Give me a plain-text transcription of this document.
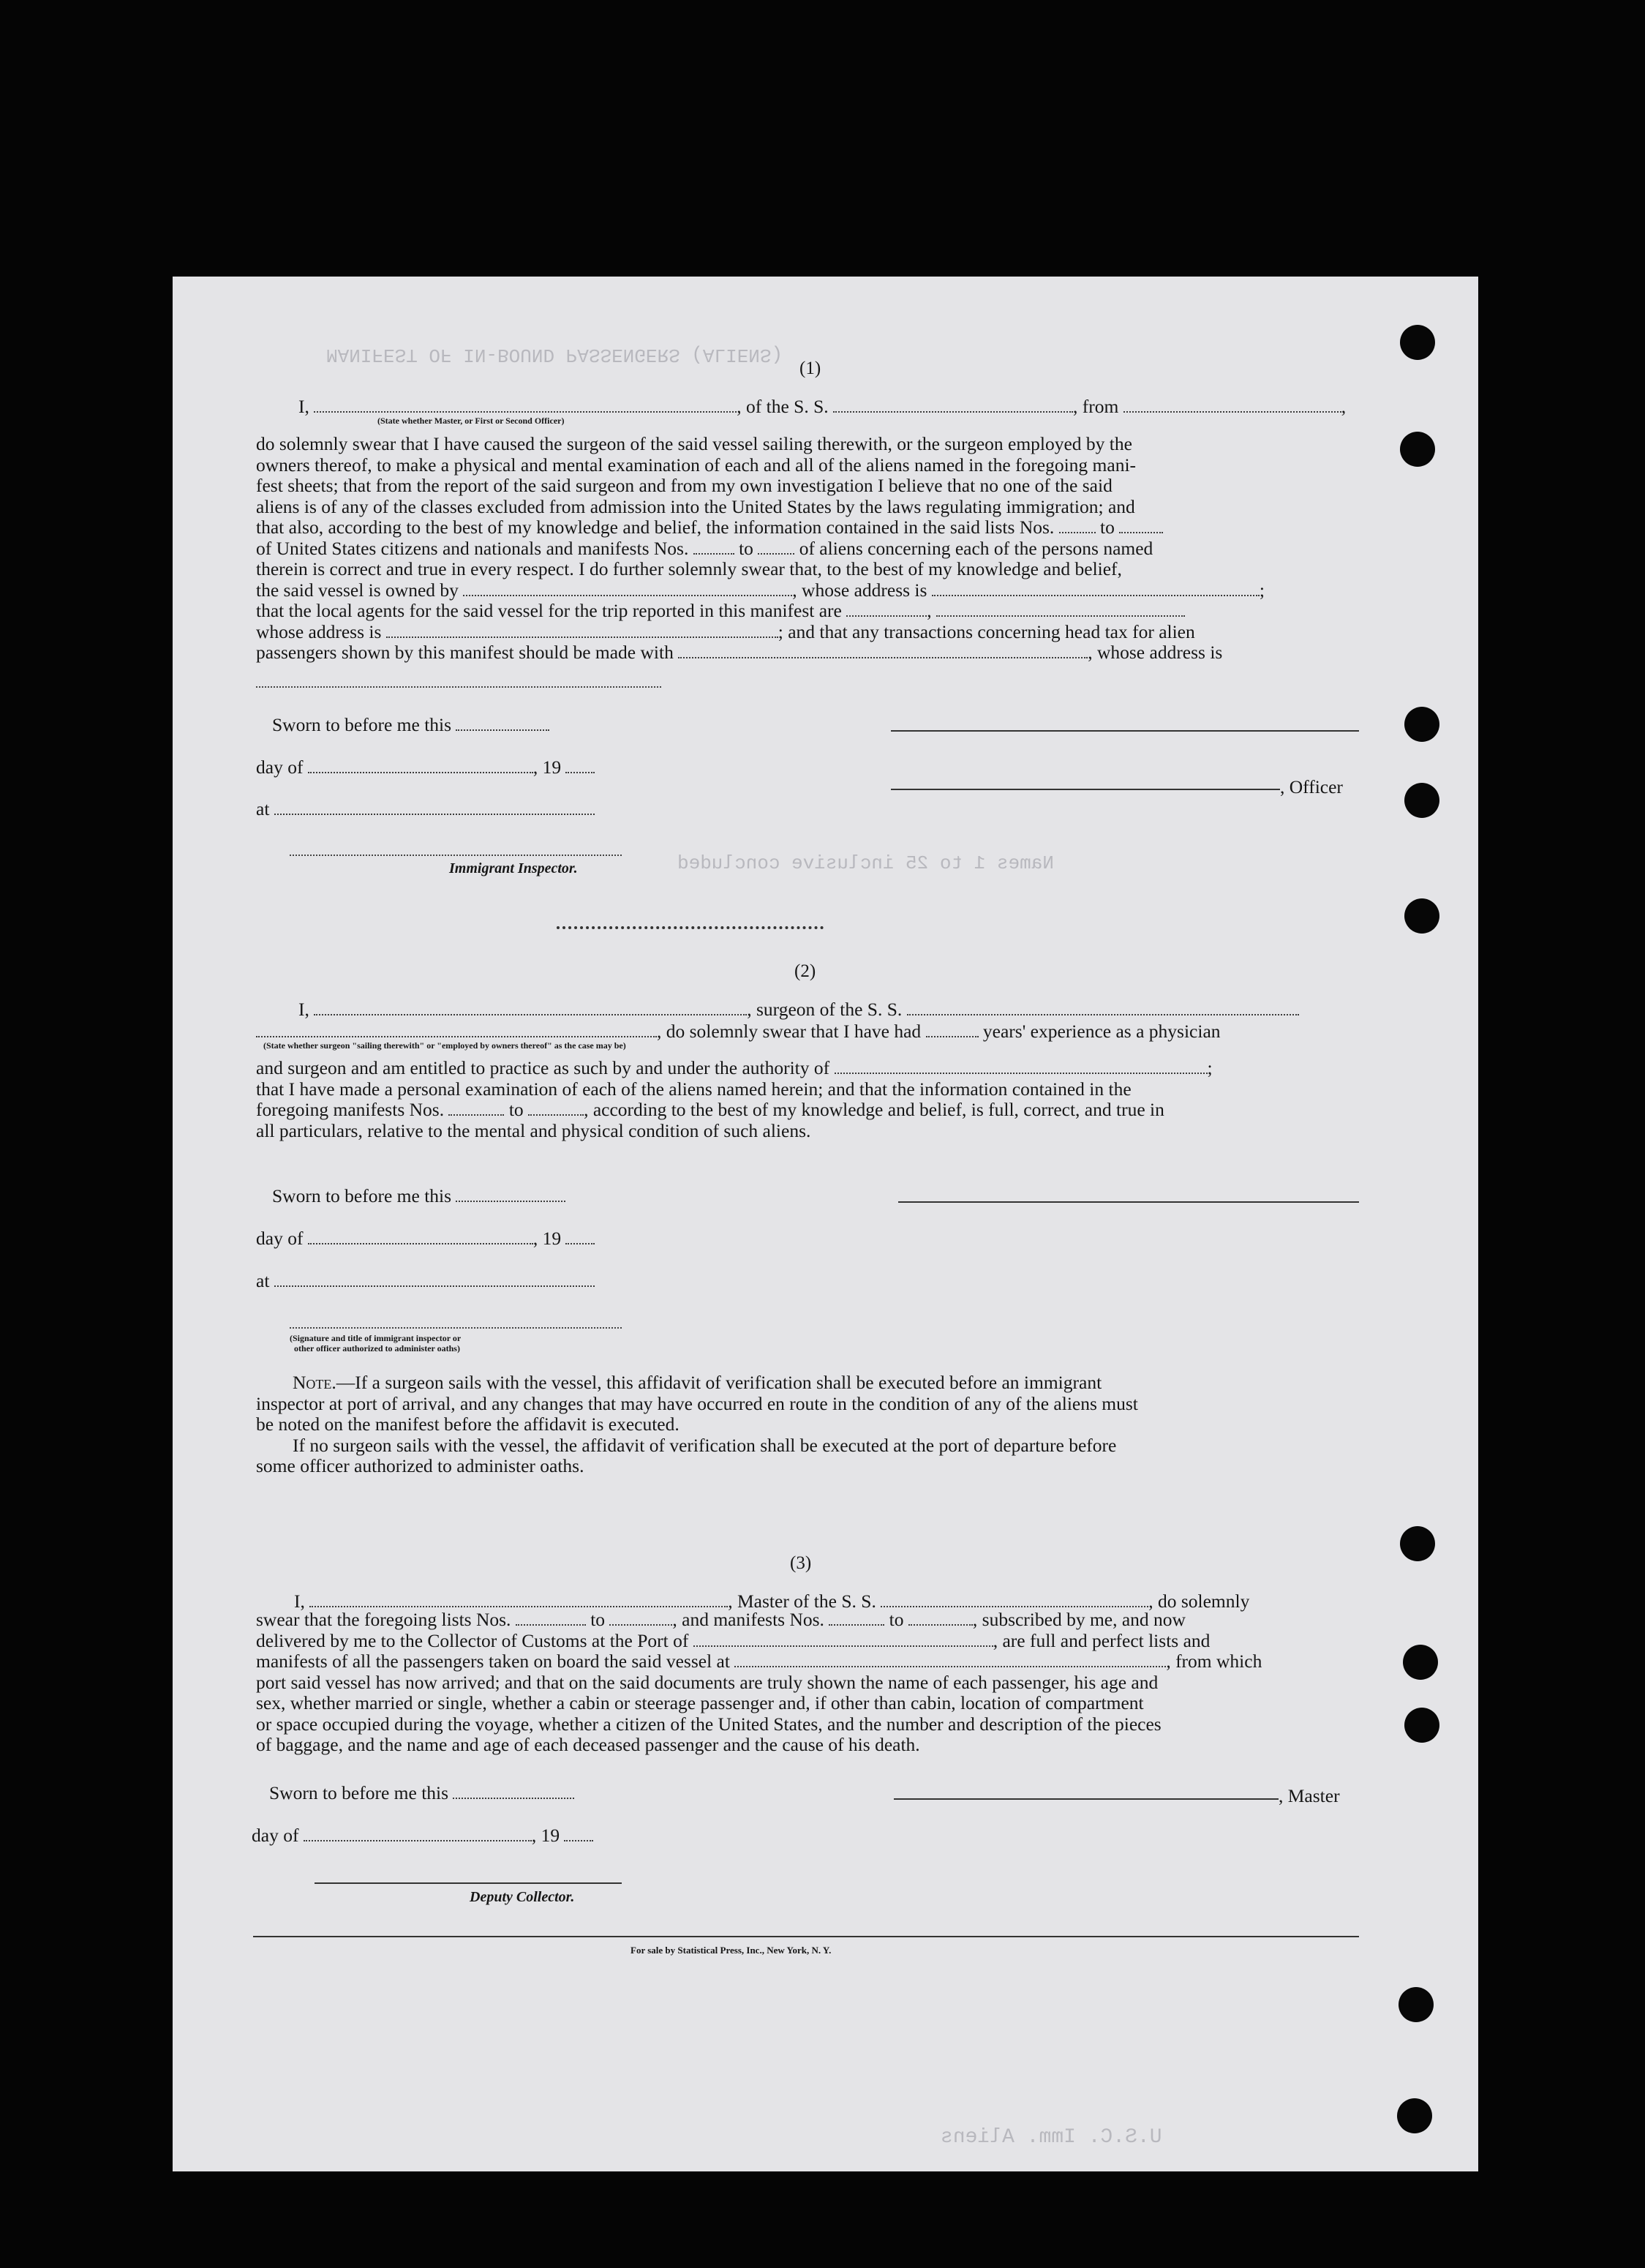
MANIFEST OF IN-BOUND PASSENGERS (ALIENS)
Names 1 to 25 inclusive concluded
U.S.C. Imm. Aliens
(1)
I,	, of the S. S.	, from	,
(State whether Master, or First or Second Officer)
do solemnly swear that I have caused the surgeon of the said vessel sailing therewith, or the surgeon employed by the
owners thereof, to make a physical and mental examination of each and all of the aliens named in the foregoing mani-
fest sheets; that from the report of the said surgeon and from my own investigation I believe that no one of the said
aliens is of any of the classes excluded from admission into the United States by the laws regulating immigration; and
that also, according to the best of my knowledge and belief, the information contained in the said lists Nos. to
of United States citizens and nationals and manifests Nos.	to of aliens concerning each of the persons named
therein is correct and true in every respect. I do further solemnly swear that, to the best of my knowledge and belief,
the said vessel is owned by	, whose address is	;
that the local agents for the said vessel for the trip reported in this manifest are	,
whose address is	; and that any transactions concerning head tax for alien
passengers shown by this manifest should be made with	, whose address is
Sworn to before me this
day of	, 19
at
Immigrant Inspector.
, Officer
(2)
I,	, surgeon of the S. S.
, do solemnly swear that I have had	years' experience as a physician
(State whether surgeon "sailing therewith" or "employed by owners thereof" as the case may be)
and surgeon and am entitled to practice as such by and under the authority of	;
that I have made a personal examination of each of the aliens named herein; and that the information contained in the
foregoing manifests Nos.	to	, according to the best of my knowledge and belief, is full, correct, and true in
all particulars, relative to the mental and physical condition of such aliens.
Sworn to before me this
day of	, 19
at
(Signature and title of immigrant inspector or
other officer authorized to administer oaths)
Note.—If a surgeon sails with the vessel, this affidavit of verification shall be executed before an immigrant
inspector at port of arrival, and any changes that may have occurred en route in the condition of any of the aliens must
be noted on the manifest before the affidavit is executed.
If no surgeon sails with the vessel, the affidavit of verification shall be executed at the port of departure before
some officer authorized to administer oaths.
(3)
I,	, Master of the S. S.	, do solemnly
swear that the foregoing lists Nos.	to	, and manifests Nos.	to	, subscribed by me, and now
delivered by me to the Collector of Customs at the Port of	, are full and perfect lists and
manifests of all the passengers taken on board the said vessel at	, from which
port said vessel has now arrived; and that on the said documents are truly shown the name of each passenger, his age and
sex, whether married or single, whether a cabin or steerage passenger and, if other than cabin, location of compartment
or space occupied during the voyage, whether a citizen of the United States, and the number and description of the pieces
of baggage, and the name and age of each deceased passenger and the cause of his death.
Sworn to before me this
day of	, 19
Deputy Collector.
, Master
For sale by Statistical Press, Inc., New York, N. Y.
